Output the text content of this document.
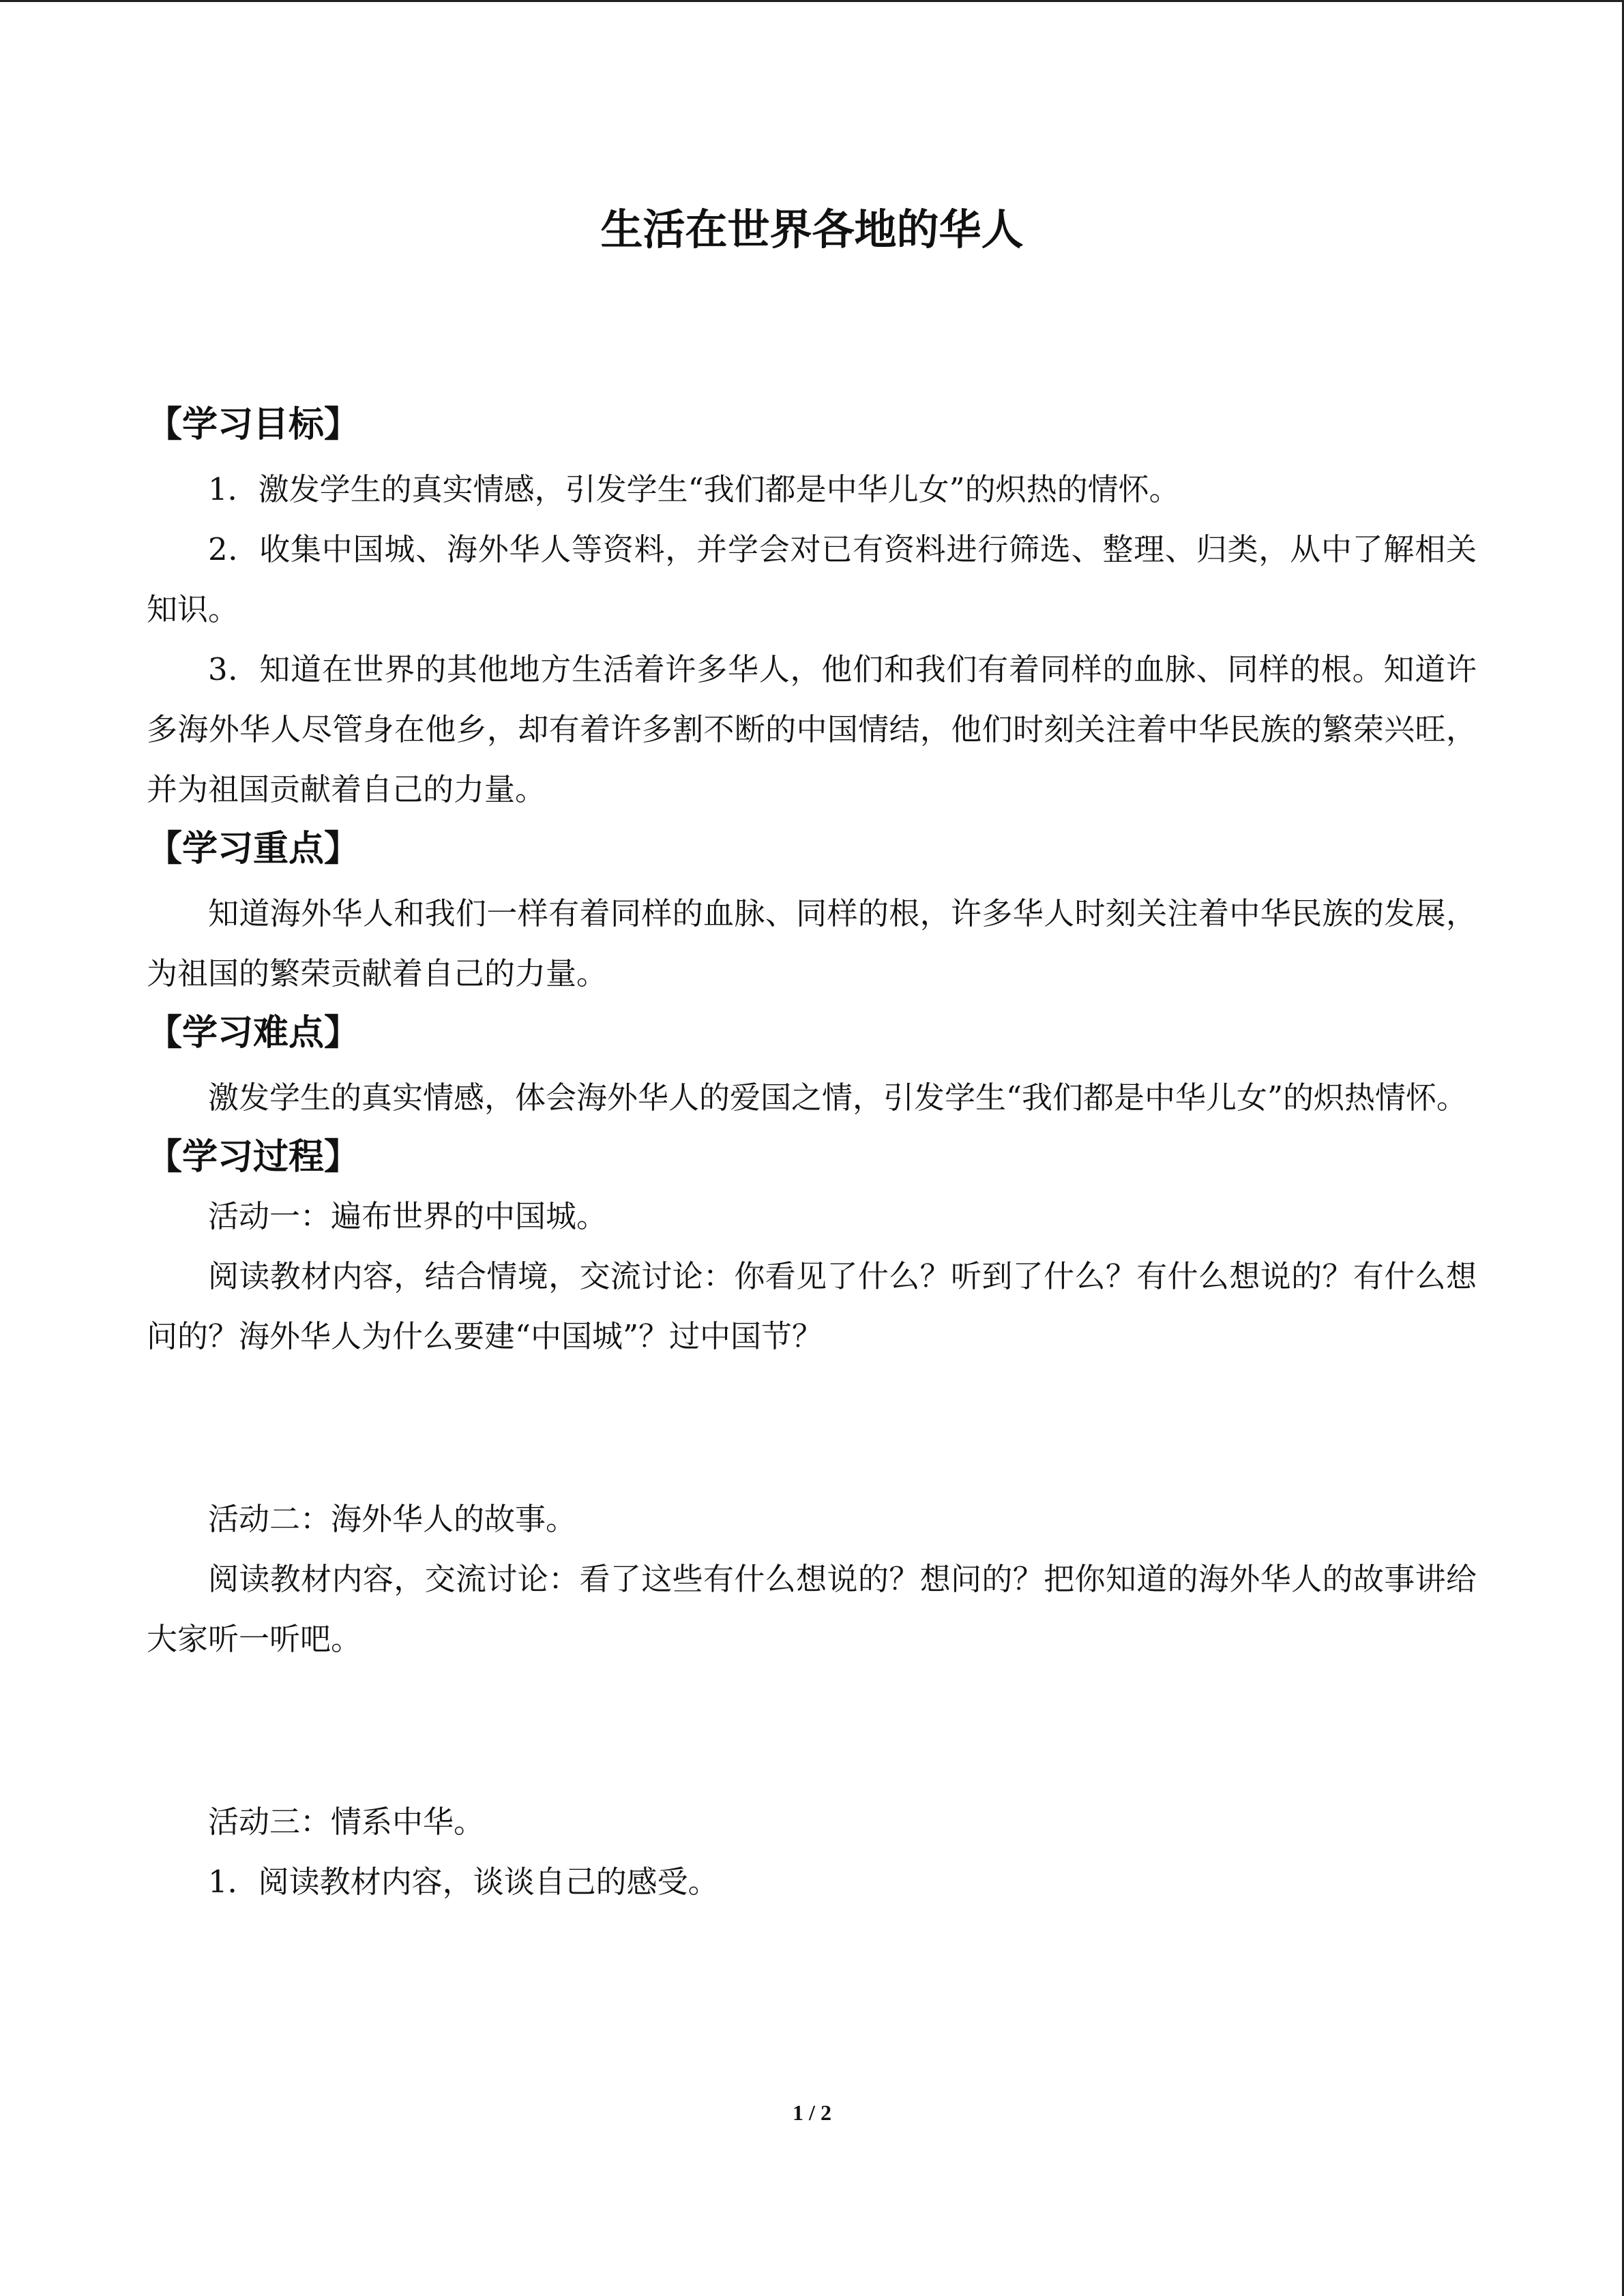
生活在世界各地的华人
【学习目标】

1．激发学生的真实情感，引发学生“我们都是中华儿女”的炽热的情怀。

2．收集中国城、海外华人等资料，并学会对已有资料进行筛选、整理、归类，从中了解相关知识。

3．知道在世界的其他地方生活着许多华人，他们和我们有着同样的血脉、同样的根。知道许多海外华人尽管身在他乡，却有着许多割不断的中国情结，他们时刻关注着中华民族的繁荣兴旺，并为祖国贡献着自己的力量。

【学习重点】

知道海外华人和我们一样有着同样的血脉、同样的根，许多华人时刻关注着中华民族的发展，为祖国的繁荣贡献着自己的力量。

【学习难点】

激发学生的真实情感，体会海外华人的爱国之情，引发学生“我们都是中华儿女”的炽热情怀。

【学习过程】

活动一：遍布世界的中国城。

阅读教材内容，结合情境，交流讨论：你看见了什么？听到了什么？有什么想说的？有什么想问的？海外华人为什么要建“中国城”？过中国节？

活动二：海外华人的故事。

阅读教材内容，交流讨论：看了这些有什么想说的？想问的？把你知道的海外华人的故事讲给大家听一听吧。

活动三：情系中华。

1．阅读教材内容，谈谈自己的感受。

1 / 2
